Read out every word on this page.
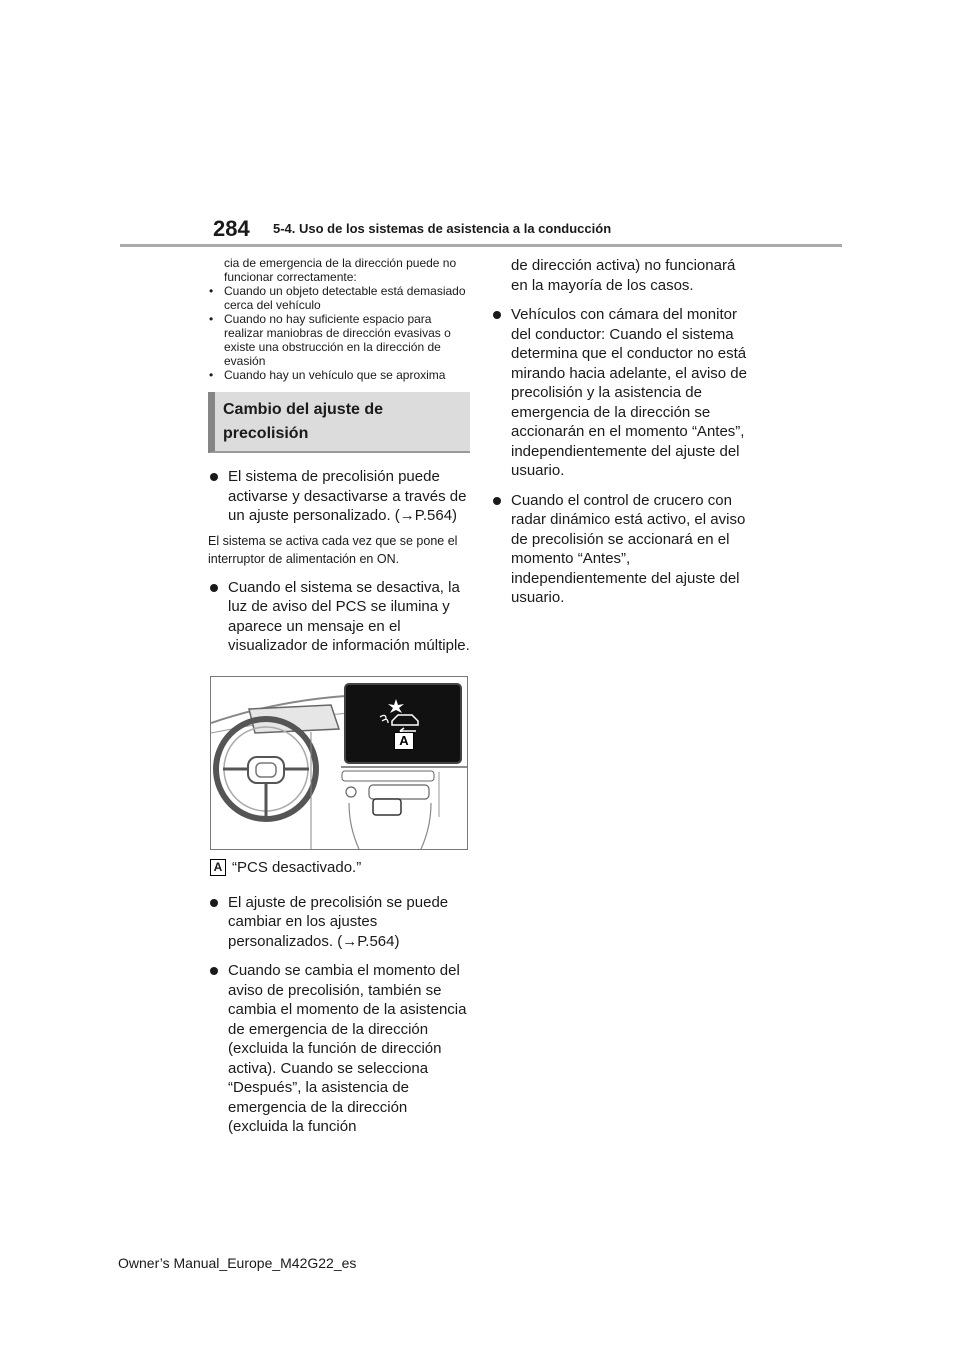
284 5-4. Uso de los sistemas de asistencia a la conducción

cia de emergencia de la dirección puede no funcionar correctamente:

• Cuando un objeto detectable está demasiado cerca del vehículo
• Cuando no hay suficiente espacio para realizar maniobras de dirección evasivas o existe una obstrucción en la dirección de evasión
• Cuando hay un vehículo que se aproxima
Cambio del ajuste de precolisión
El sistema de precolisión puede activarse y desactivarse a través de un ajuste personalizado. (→P.564)

El sistema se activa cada vez que se pone el interruptor de alimentación en ON.

Cuando el sistema se desactiva, la luz de aviso del PCS se ilumina y aparece un mensaje en el visualizador de información múltiple.
A
A “PCS desactivado.”
El ajuste de precolisión se puede cambiar en los ajustes personalizados. (→P.564)
Cuando se cambia el momento del aviso de precolisión, también se cambia el momento de la asistencia de emergencia de la dirección (excluida la función de dirección activa). Cuando se selecciona “Después”, la asistencia de emergencia de la dirección (excluida la función
de dirección activa) no funcionará en la mayoría de los casos.
Vehículos con cámara del monitor del conductor: Cuando el sistema determina que el conductor no está mirando hacia adelante, el aviso de precolisión y la asistencia de emergencia de la dirección se accionarán en el momento “Antes”, independientemente del ajuste del usuario.
Cuando el control de crucero con radar dinámico está activo, el aviso de precolisión se accionará en el momento “Antes”, independientemente del ajuste del usuario.
Owner’s Manual_Europe_M42G22_es
